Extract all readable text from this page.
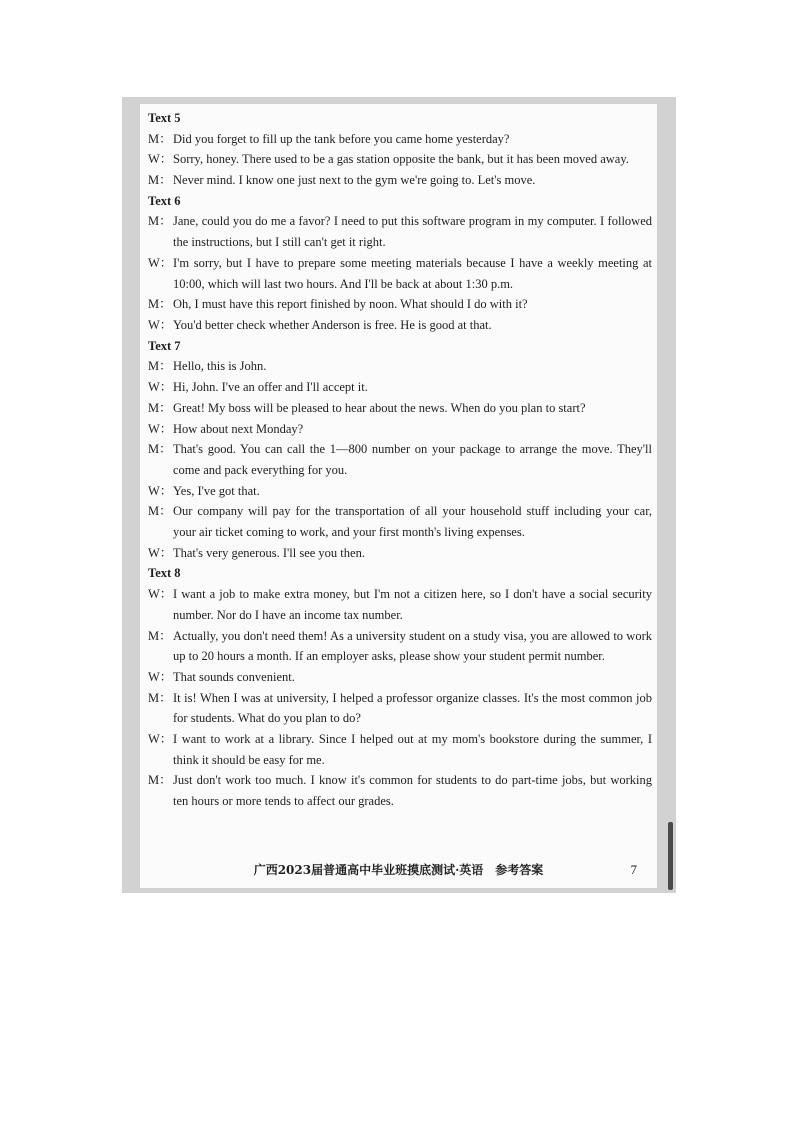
Text 5
M： Did you forget to fill up the tank before you came home yesterday?
W： Sorry, honey. There used to be a gas station opposite the bank, but it has been moved away.
M： Never mind. I know one just next to the gym we're going to. Let's move.
Text 6
M： Jane, could you do me a favor? I need to put this software program in my computer. I followed the instructions, but I still can't get it right.
W： I'm sorry, but I have to prepare some meeting materials because I have a weekly meeting at 10:00, which will last two hours. And I'll be back at about 1:30 p.m.
M： Oh, I must have this report finished by noon. What should I do with it?
W： You'd better check whether Anderson is free. He is good at that.
Text 7
M： Hello, this is John.
W： Hi, John. I've an offer and I'll accept it.
M： Great! My boss will be pleased to hear about the news. When do you plan to start?
W： How about next Monday?
M： That's good. You can call the 1—800 number on your package to arrange the move. They'll come and pack everything for you.
W： Yes, I've got that.
M： Our company will pay for the transportation of all your household stuff including your car, your air ticket coming to work, and your first month's living expenses.
W： That's very generous. I'll see you then.
Text 8
W： I want a job to make extra money, but I'm not a citizen here, so I don't have a social security number. Nor do I have an income tax number.
M： Actually, you don't need them! As a university student on a study visa, you are allowed to work up to 20 hours a month. If an employer asks, please show your student permit number.
W： That sounds convenient.
M： It is! When I was at university, I helped a professor organize classes. It's the most common job for students. What do you plan to do?
W： I want to work at a library. Since I helped out at my mom's bookstore during the summer, I think it should be easy for me.
M： Just don't work too much. I know it's common for students to do part-time jobs, but working ten hours or more tends to affect our grades.
广西2023届普通高中毕业班摸底测试·英语　参考答案	7
